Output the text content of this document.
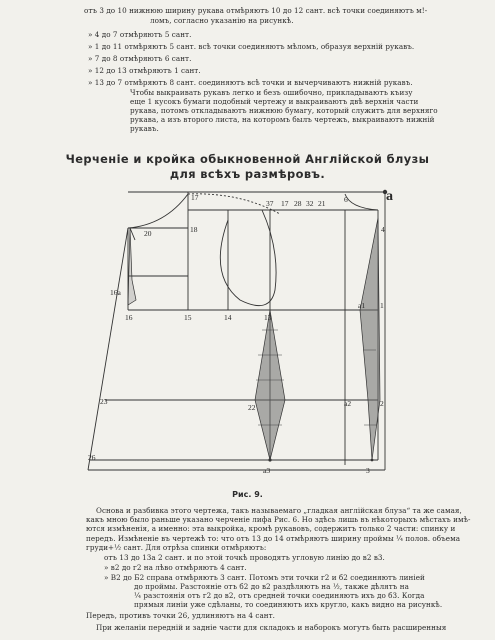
отъ 3 до 10 нижнюю ширину рукава отмѣряютъ 10 до 12 сант. всѣ точки соединяютъ м!-
ломъ, согласно указанію на рисункѣ.
» 4 до 7 отмѣряютъ 5 сант.
» 1 до 11 отмѣряютъ 5 сант. всѣ точки соединяютъ мѣломъ, образуя верхній рукавъ.
» 7 до 8 отмѣряютъ 6 сант.
» 12 до 13 отмѣряютъ 1 сант.
» 13 до 7 отмѣряютъ 8 сант. соединяютъ всѣ точки и вычерчиваютъ нижній рукавъ.
Чтобы выкраивать рукавъ легко и безъ ошибочно, прикладываютъ къизу
еще 1 кусокъ бумаги подобный чертежу и выкраиваютъ двѣ верхнія части
рукава, потомъ откладываютъ нижнюю бумагу, который служитъ для верхняго
рукава, а изъ второго листа, на которомъ былъ чертежъ, выкраиваютъ нижній
рукавъ.
Черченіе и кройка обыкновенной Англійской блузы
для всѣхъ размѣровъ.
17
18
20
16a
16	15	14	13
37 17 28 32 21 6	a
4
a1 1
a2	2
22
23
26
a3	3
Рис. 9.
Основа и разбивка этого чертежа, такъ называемаго „гладкая англійская блуза“ та же самая,
какъ мною было раньше указано черченіе лифа Рис. 6. Но здѣсь лишь въ нѣкоторыхъ мѣстахъ имѣ-
ются измѣненія, а именно: эта выкройка, кромѣ рукавовъ, содержитъ только 2 части: спинку и
передъ. Измѣненіе въ чертежѣ то: что отъ 13 до 14 отмѣряютъ ширину проймы ¼ полов. объема
груди+½ сант. Для отрѣза спинки отмѣряютъ:
отъ 13 до 13а 2 сант. и по этой точкѣ проводятъ угловую линію до в2 в3.
» в2 до г2 на лѣво отмѣряютъ 4 сант.
» В2 до Б2 справа отмѣряютъ 3 сант. Потомъ эти точки г2 и б2 соединяютъ линіей
до проймы. Разстояніе отъ б2 до в2 раздѣляютъ на ½, также дѣлятъ на
¼ разстоянія отъ г2 до в2, отъ средней точки соединяютъ ихъ до б3. Когда
прямыя линіи уже сдѣланы, то соединяютъ ихъ кругло, какъ видно на рисункѣ.
Передъ, противъ точки 26, удлиняютъ на 4 сант.
При желаніи передній и задніе части для складокъ и наборокъ могутъ быть расширенныя
